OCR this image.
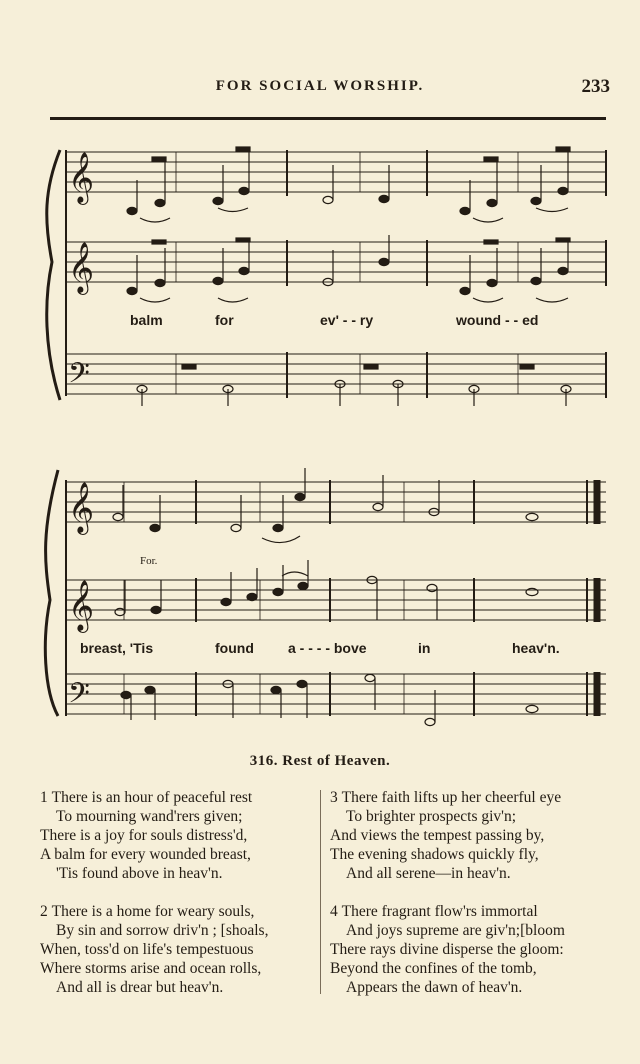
FOR SOCIAL WORSHIP.	233
𝄞
𝄞
𝄢
𝄞
𝄞
𝄢
balm	for	ev' - - ry	wound - - ed
For.
breast, 'Tis	found a - - - - bove	in	heav'n.
316. Rest of Heaven.
1 There is an hour of peaceful rest
To mourning wand'rers given;
There is a joy for souls distress'd,
A balm for every wounded breast,
'Tis found above in heav'n.
2 There is a home for weary souls,
By sin and sorrow driv'n ; [shoals,
When, toss'd on life's tempestuous
Where storms arise and ocean rolls,
And all is drear but heav'n.
3 There faith lifts up her cheerful eye
To brighter prospects giv'n;
And views the tempest passing by,
The evening shadows quickly fly,
And all serene—in heav'n.
4 There fragrant flow'rs immortal
And joys supreme are giv'n;[bloom
There rays divine disperse the gloom:
Beyond the confines of the tomb,
Appears the dawn of heav'n.
